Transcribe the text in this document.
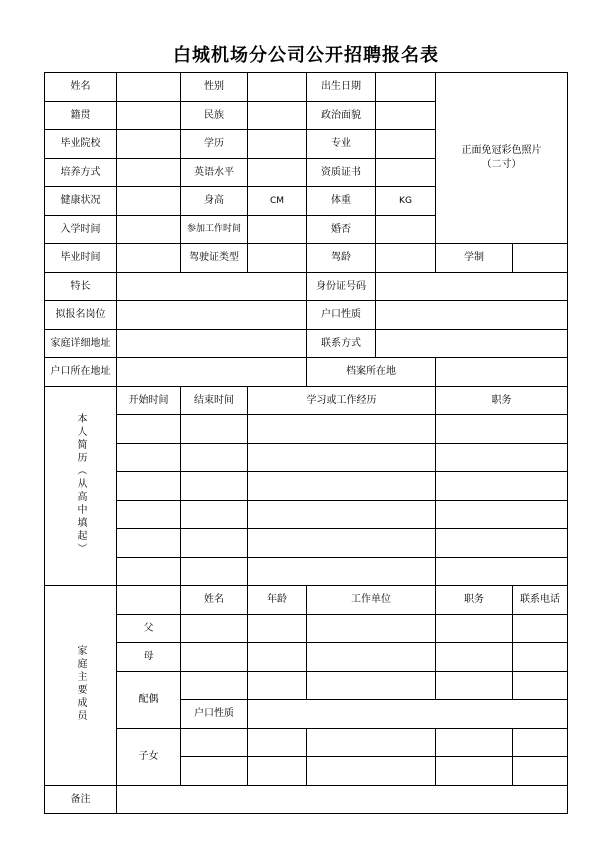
白城机场分公司公开招聘报名表
姓名		性别		出生日期		正面免冠彩色照片
（二寸）	

籍贯		民族		政治面貌			
毕业院校		学历		专业			
培养方式		英语水平		资质证书			
健康状况		身高	CM	体重	KG		
入学时间		参加工作时间		婚否			
毕业时间		驾驶证类型		驾龄		学制	
特长				身份证号码			
拟报名岗位				户口性质			
家庭详细地址				联系方式			
户口所在地址				档案所在地			
本人简历（从高中填起）	开始时间	结束时间	学习或工作经历			职务	

家庭主要成员		姓名	年龄	工作单位		职务	联系电话
	父						
	母						
	配偶						
		户口性质					
	子女						

备注							
